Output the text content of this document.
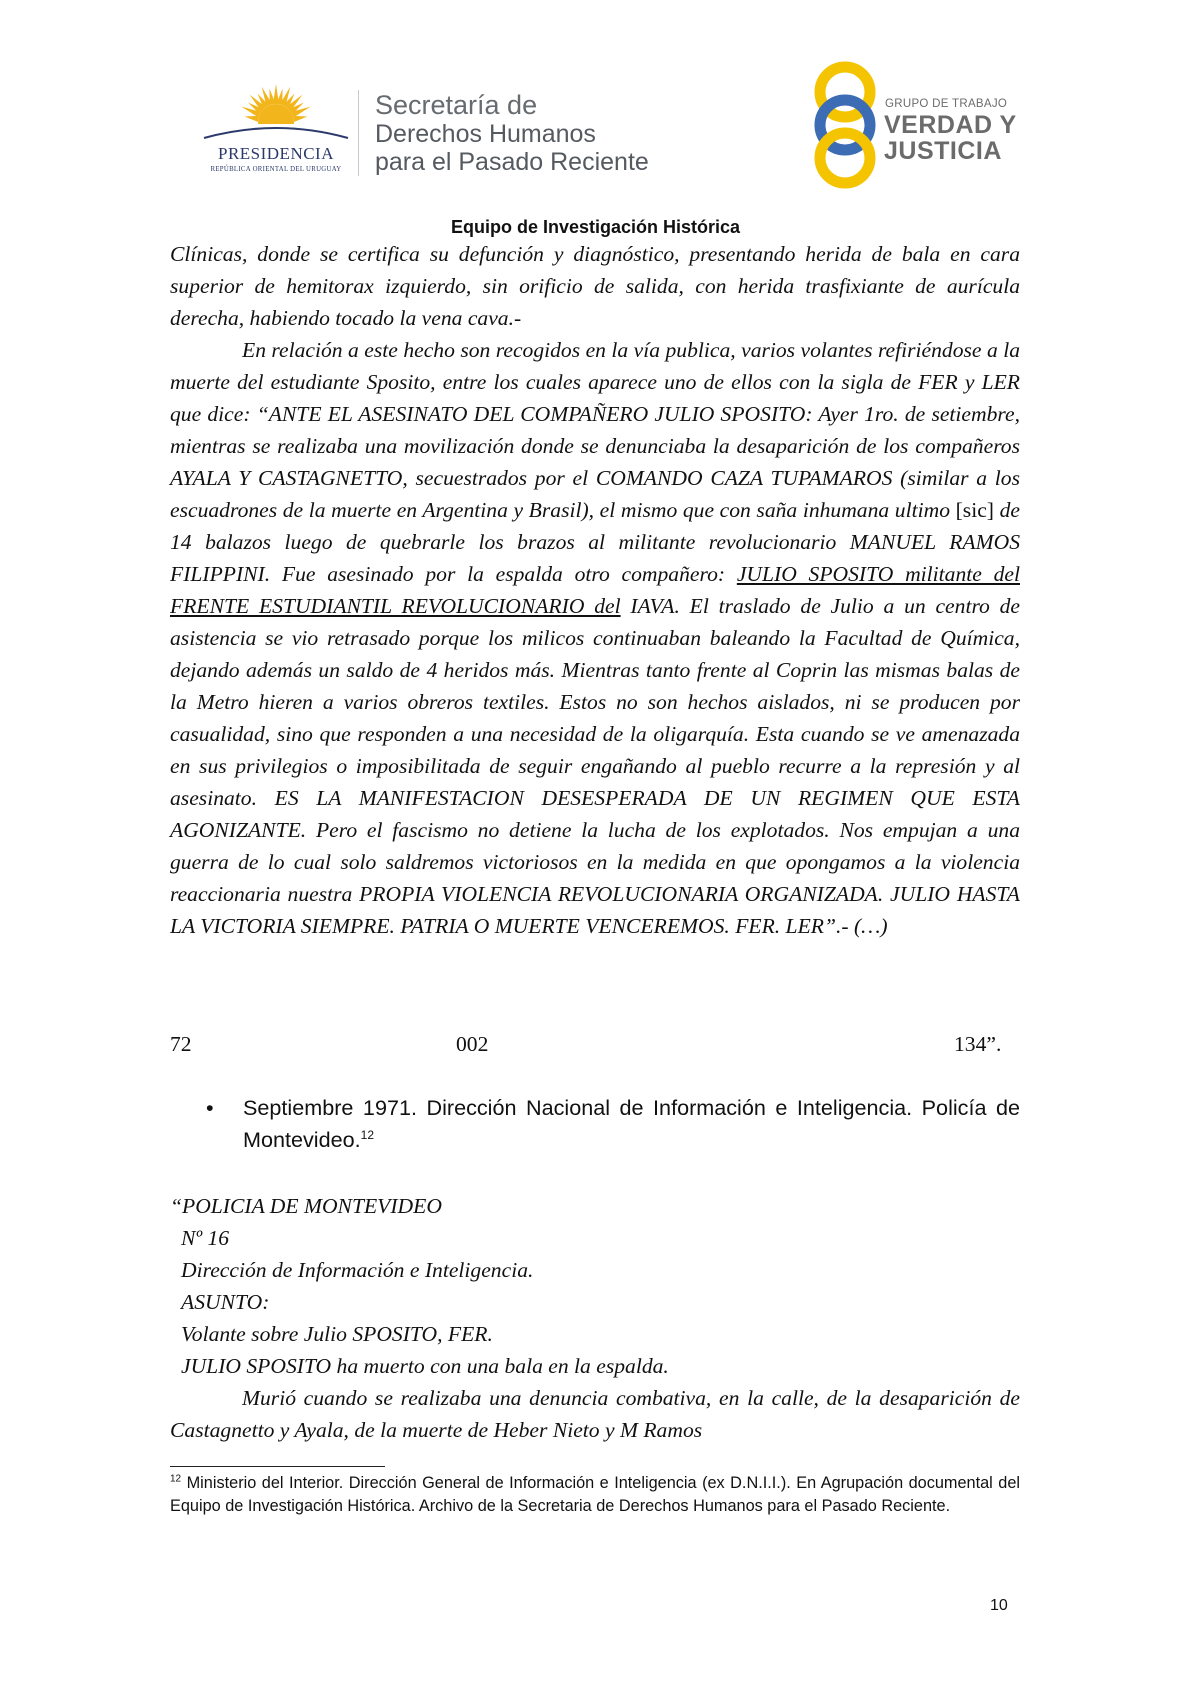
PRESIDENCIA
REPÚBLICA ORIENTAL DEL URUGUAY
Secretaría de
Derechos Humanos
para el Pasado Reciente
GRUPO DE TRABAJO
VERDAD Y
JUSTICIA
Equipo de Investigación Histórica
Clínicas, donde se certifica su defunción y diagnóstico, presentando herida de bala en cara superior de hemitorax izquierdo, sin orificio de salida, con herida trasfixiante de aurícula derecha, habiendo tocado la vena cava.-
En relación a este hecho son recogidos en la vía publica, varios volantes refiriéndose a la muerte del estudiante Sposito, entre los cuales aparece uno de ellos con la sigla de FER y LER que dice: “ANTE EL ASESINATO DEL COMPAÑERO JULIO SPOSITO: Ayer 1ro. de setiembre, mientras se realizaba una movilización donde se denunciaba la desaparición de los compañeros AYALA Y CASTAGNETTO, secuestrados por el COMANDO CAZA TUPAMAROS (similar a los escuadrones de la muerte en Argentina y Brasil), el mismo que con saña inhumana ultimo [sic] de 14 balazos luego de quebrarle los brazos al militante revolucionario MANUEL RAMOS FILIPPINI. Fue asesinado por la espalda otro compañero: JULIO SPOSITO militante del FRENTE ESTUDIANTIL REVOLUCIONARIO del IAVA. El traslado de Julio a un centro de asistencia se vio retrasado porque los milicos continuaban baleando la Facultad de Química, dejando además un saldo de 4 heridos más. Mientras tanto frente al Coprin las mismas balas de la Metro hieren a varios obreros textiles. Estos no son hechos aislados, ni se producen por casualidad, sino que responden a una necesidad de la oligarquía. Esta cuando se ve amenazada en sus privilegios o imposibilitada de seguir engañando al pueblo recurre a la represión y al asesinato. ES LA MANIFESTACION DESESPERADA DE UN REGIMEN QUE ESTA AGONIZANTE. Pero el fascismo no detiene la lucha de los explotados. Nos empujan a una guerra de lo cual solo saldremos victoriosos en la medida en que opongamos a la violencia reaccionaria nuestra PROPIA VIOLENCIA REVOLUCIONARIA ORGANIZADA. JULIO HASTA LA VICTORIA SIEMPRE. PATRIA O MUERTE VENCEREMOS. FER. LER”.- (…)
72	002	134”.
• Septiembre 1971. Dirección Nacional de Información e Inteligencia. Policía de Montevideo.$^{12}$
“POLICIA DE MONTEVIDEO
Nº 16
Dirección de Información e Inteligencia.
ASUNTO:
Volante sobre Julio SPOSITO, FER.
JULIO SPOSITO ha muerto con una bala en la espalda.
Murió cuando se realizaba una denuncia combativa, en la calle, de la desaparición de Castagnetto y Ayala, de la muerte de Heber Nieto y M Ramos
$^{12}$ Ministerio del Interior. Dirección General de Información e Inteligencia (ex D.N.I.I.). En Agrupación documental del Equipo de Investigación Histórica. Archivo de la Secretaria de Derechos Humanos para el Pasado Reciente.
10
